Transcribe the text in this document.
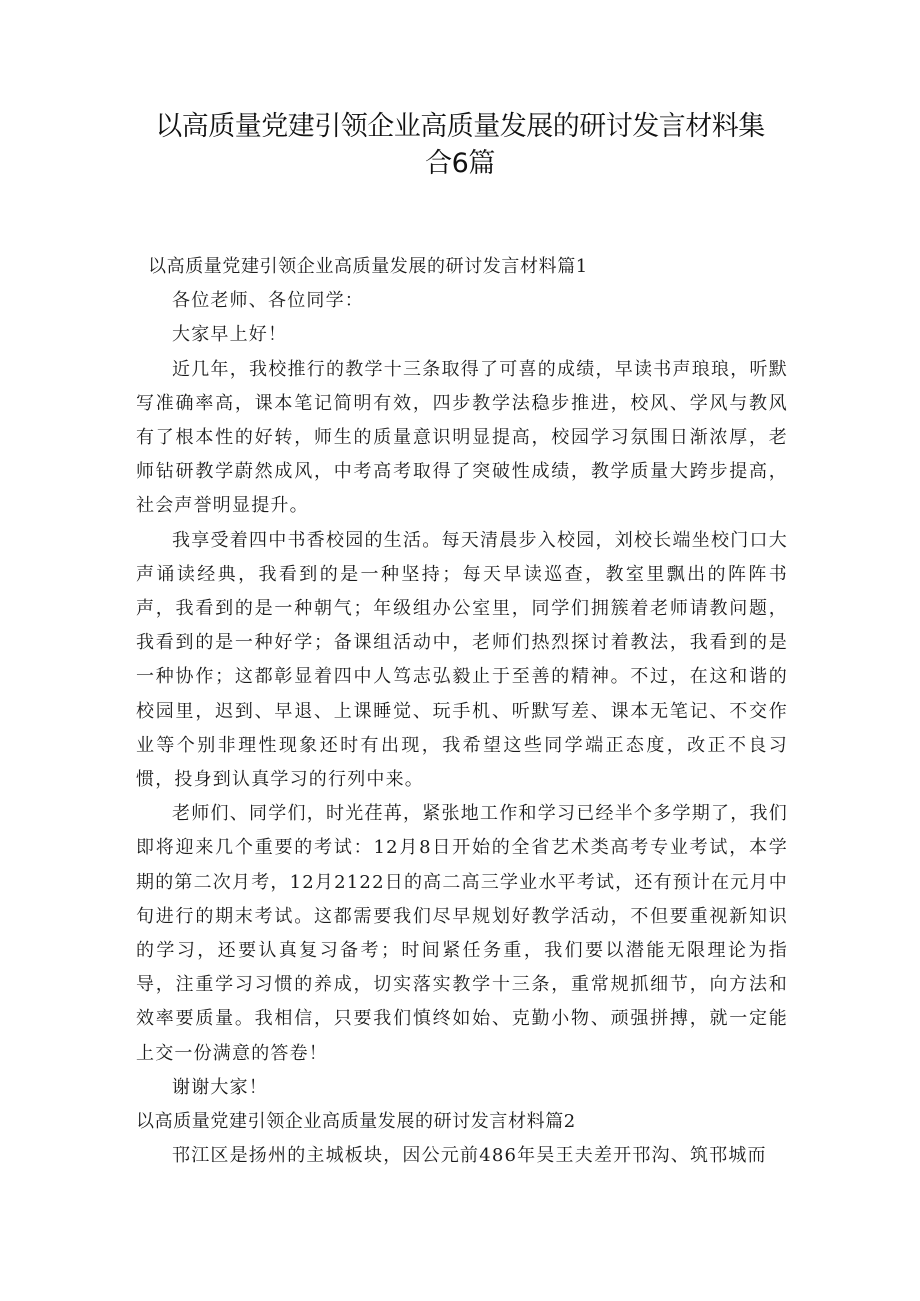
以高质量党建引领企业高质量发展的研讨发言材料集合6篇

以高质量党建引领企业高质量发展的研讨发言材料篇1

各位老师、各位同学：

大家早上好！

近几年，我校推行的教学十三条取得了可喜的成绩，早读书声琅琅，听默写准确率高，课本笔记简明有效，四步教学法稳步推进，校风、学风与教风有了根本性的好转，师生的质量意识明显提高，校园学习氛围日渐浓厚，老师钻研教学蔚然成风，中考高考取得了突破性成绩，教学质量大跨步提高，社会声誉明显提升。

我享受着四中书香校园的生活。每天清晨步入校园，刘校长端坐校门口大声诵读经典，我看到的是一种坚持；每天早读巡查，教室里飘出的阵阵书声，我看到的是一种朝气；年级组办公室里，同学们拥簇着老师请教问题，我看到的是一种好学；备课组活动中，老师们热烈探讨着教法，我看到的是一种协作；这都彰显着四中人笃志弘毅止于至善的精神。不过，在这和谐的校园里，迟到、早退、上课睡觉、玩手机、听默写差、课本无笔记、不交作业等个别非理性现象还时有出现，我希望这些同学端正态度，改正不良习惯，投身到认真学习的行列中来。

老师们、同学们，时光荏苒，紧张地工作和学习已经半个多学期了，我们即将迎来几个重要的考试：12月8日开始的全省艺术类高考专业考试，本学期的第二次月考，12月2122日的高二高三学业水平考试，还有预计在元月中旬进行的期末考试。这都需要我们尽早规划好教学活动，不但要重视新知识的学习，还要认真复习备考；时间紧任务重，我们要以潜能无限理论为指导，注重学习习惯的养成，切实落实教学十三条，重常规抓细节，向方法和效率要质量。我相信，只要我们慎终如始、克勤小物、顽强拼搏，就一定能上交一份满意的答卷！

谢谢大家！

以高质量党建引领企业高质量发展的研讨发言材料篇2

邗江区是扬州的主城板块，因公元前486年吴王夫差开邗沟、筑邗城而
